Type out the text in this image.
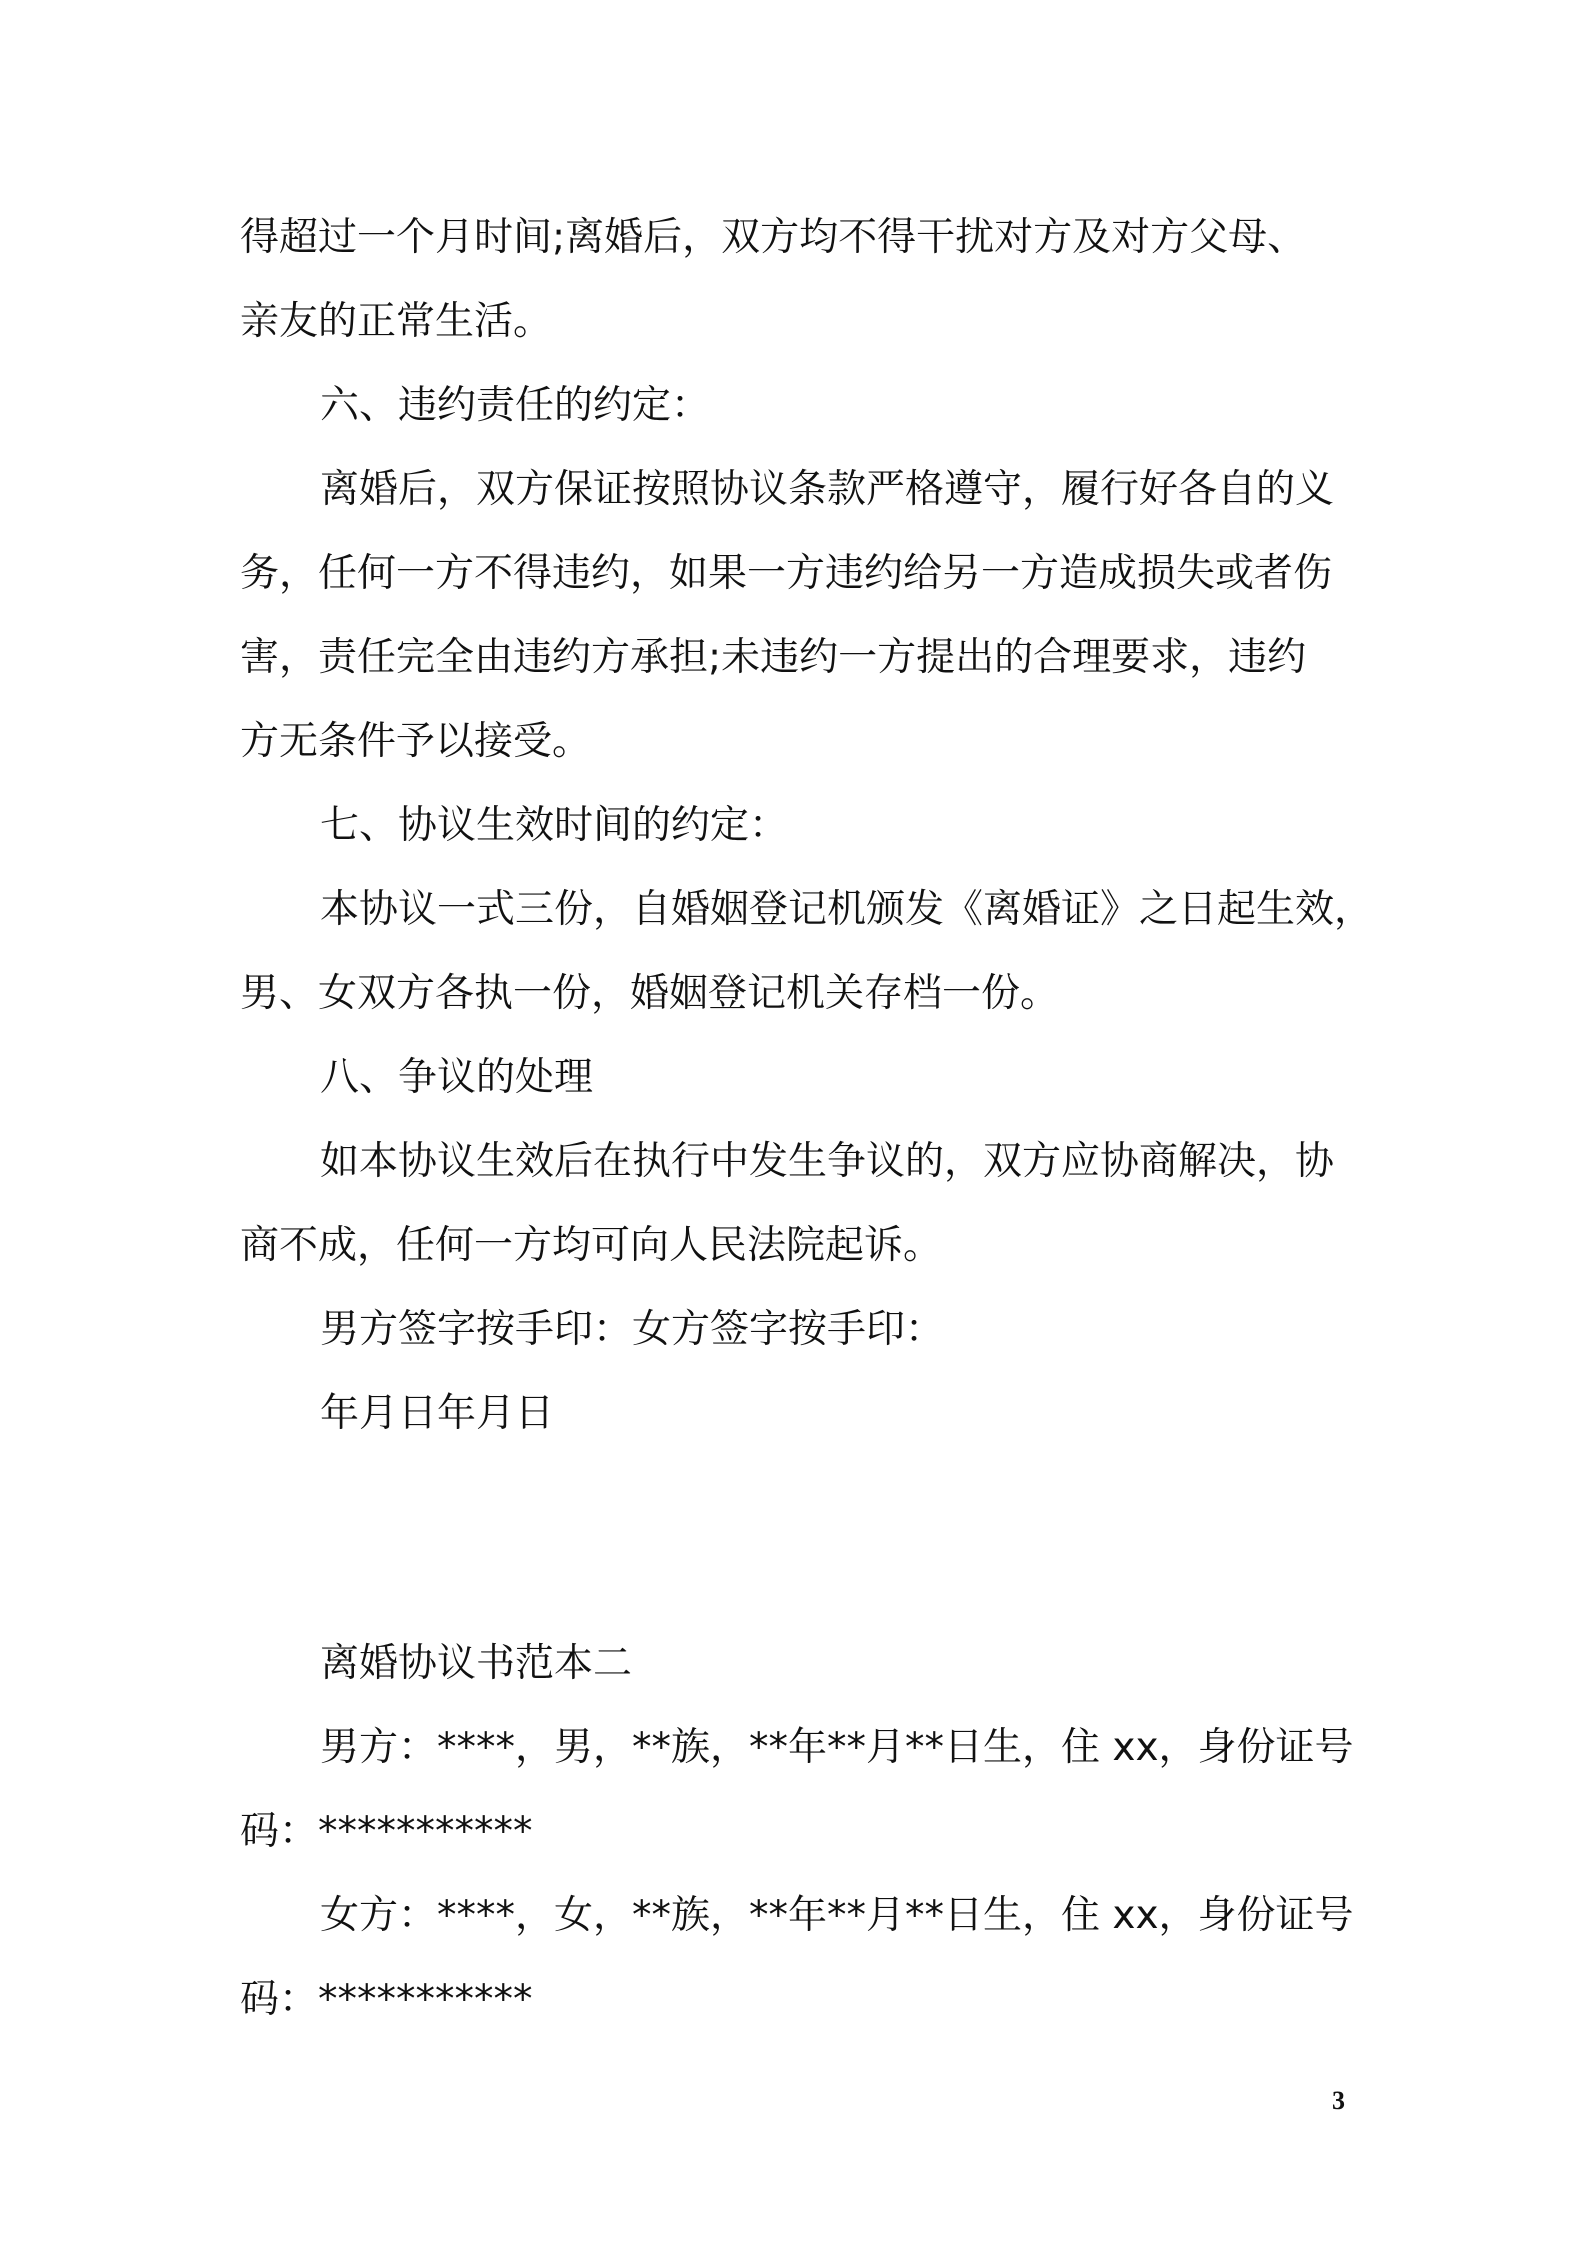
得超过一个月时间;离婚后，双方均不得干扰对方及对方父母、
亲友的正常生活。
六、违约责任的约定：
离婚后，双方保证按照协议条款严格遵守，履行好各自的义
务，任何一方不得违约，如果一方违约给另一方造成损失或者伤
害，责任完全由违约方承担;未违约一方提出的合理要求，违约
方无条件予以接受。
七、协议生效时间的约定：
本协议一式三份，自婚姻登记机颁发《离婚证》之日起生效，
男、女双方各执一份，婚姻登记机关存档一份。
八、争议的处理
如本协议生效后在执行中发生争议的，双方应协商解决，协
商不成，任何一方均可向人民法院起诉。
男方签字按手印：女方签字按手印：
年月日年月日
离婚协议书范本二
男方：****，男，**族，**年**月**日生，住 xx，身份证号
码：***********
女方：****，女，**族，**年**月**日生，住 xx，身份证号
码：***********
3
